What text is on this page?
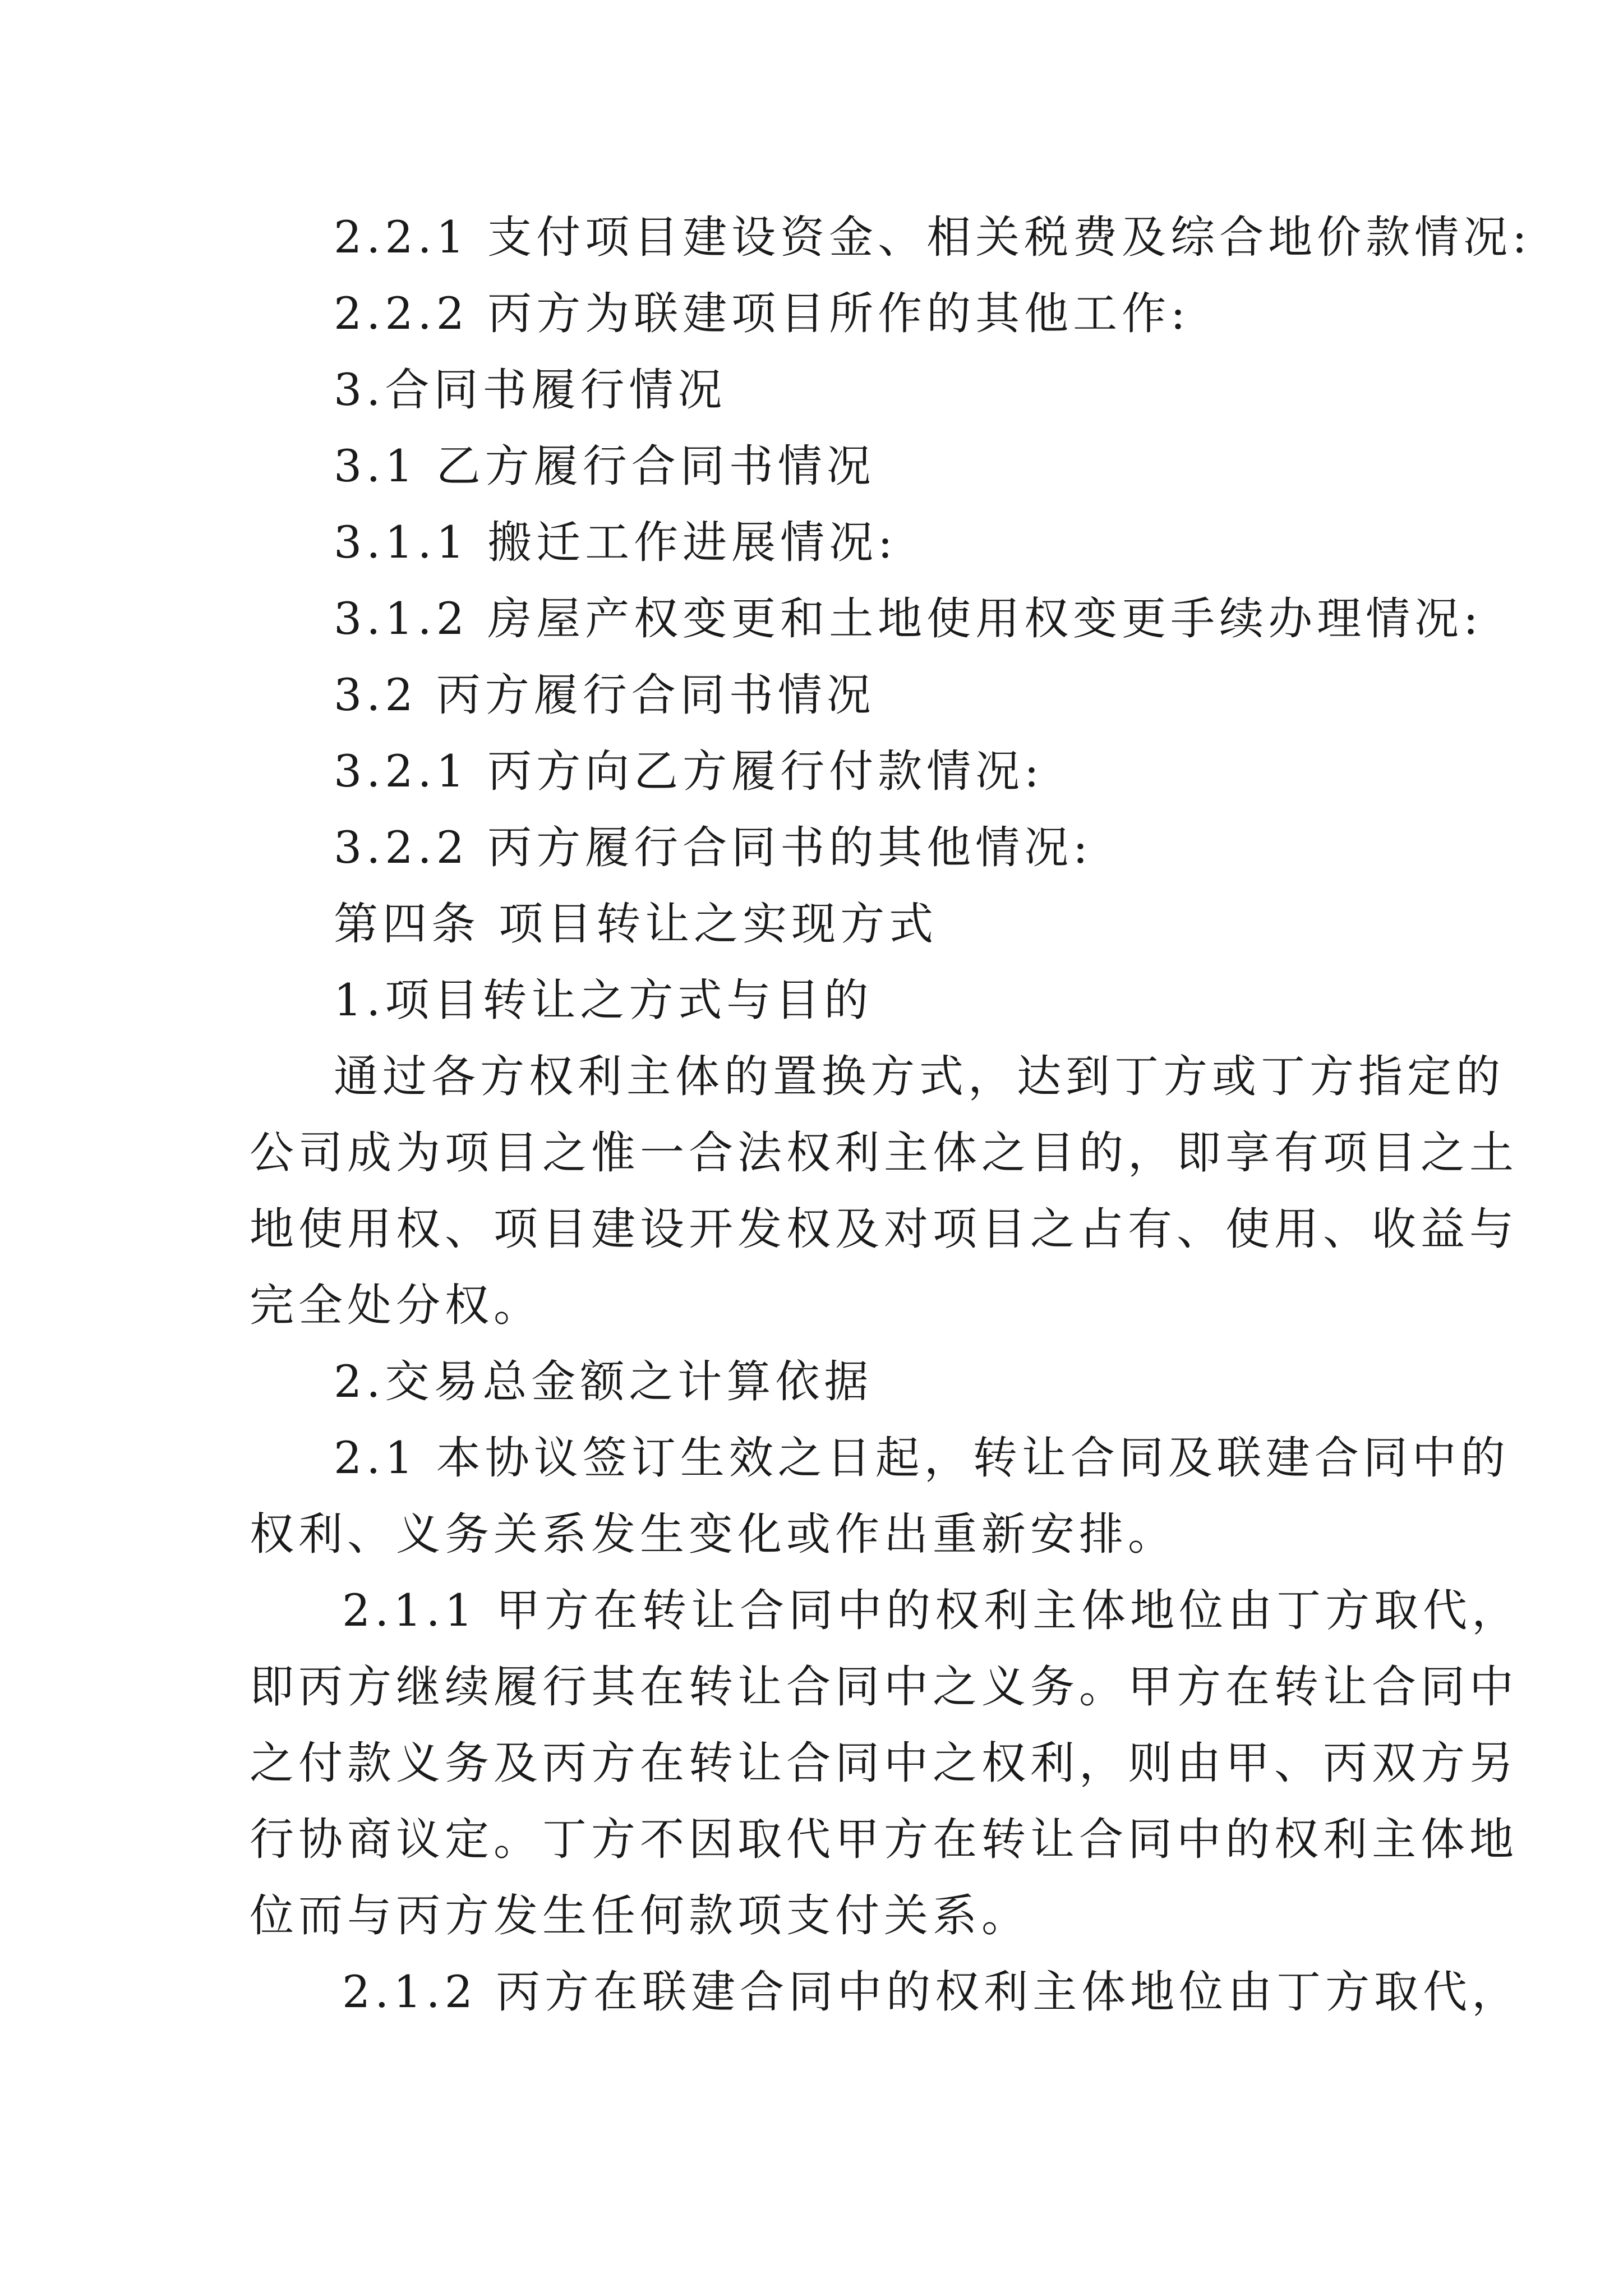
2.2.1 支付项目建设资金、相关税费及综合地价款情况:
2.2.2 丙方为联建项目所作的其他工作:
3.合同书履行情况
3.1 乙方履行合同书情况
3.1.1 搬迁工作进展情况:
3.1.2 房屋产权变更和土地使用权变更手续办理情况:
3.2 丙方履行合同书情况
3.2.1 丙方向乙方履行付款情况:
3.2.2 丙方履行合同书的其他情况:
第四条 项目转让之实现方式
1.项目转让之方式与目的
通过各方权利主体的置换方式，达到丁方或丁方指定的
公司成为项目之惟一合法权利主体之目的，即享有项目之土
地使用权、项目建设开发权及对项目之占有、使用、收益与
完全处分权。
2.交易总金额之计算依据
2.1 本协议签订生效之日起，转让合同及联建合同中的
权利、义务关系发生变化或作出重新安排。
2.1.1 甲方在转让合同中的权利主体地位由丁方取代，
即丙方继续履行其在转让合同中之义务。甲方在转让合同中
之付款义务及丙方在转让合同中之权利，则由甲、丙双方另
行协商议定。丁方不因取代甲方在转让合同中的权利主体地
位而与丙方发生任何款项支付关系。
2.1.2 丙方在联建合同中的权利主体地位由丁方取代，
